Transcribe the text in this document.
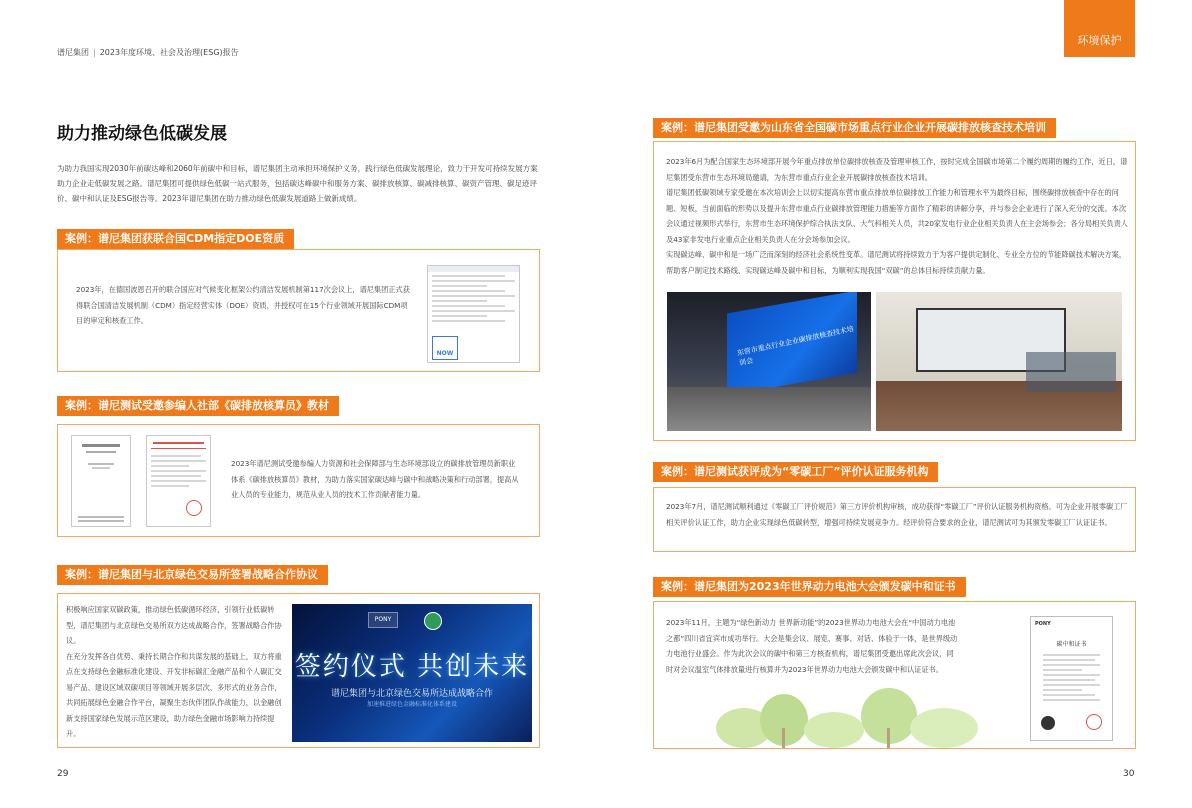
谱尼集团 | 2023年度环境、社会及治理(ESG)报告
环境保护
助力推动绿色低碳发展
为助力我国实现2030年前碳达峰和2060年前碳中和目标，谱尼集团主动承担环境保护义务，践行绿色低碳发展理论，致力于开发可持续发展方案助力企业走低碳发展之路。谱尼集团可提供绿色低碳一站式服务，包括碳达峰碳中和服务方案、碳排放核算、碳减排核算、碳资产管理、碳足迹评价、碳中和认证及ESG报告等。2023年谱尼集团在助力推动绿色低碳发展道路上做新成绩。
案例：谱尼集团获联合国CDM指定DOE资质
2023年，在德国波恩召开的联合国应对气候变化框架公约清洁发展机制第117次会议上，谱尼集团正式获得联合国清洁发展机制（CDM）指定经营实体（DOE）资质，并授权可在15个行业领域开展国际CDM项目的审定和核查工作。
NOW
案例：谱尼测试受邀参编人社部《碳排放核算员》教材
2023年谱尼测试受邀参编人力资源和社会保障部与生态环境部设立的碳排放管理员新职业体系《碳排放核算员》教材，为助力落实国家碳达峰与碳中和战略决策和行动部署，提高从业人员的专业能力，规范从业人员的技术工作贡献者能力量。
案例：谱尼集团与北京绿色交易所签署战略合作协议
积极响应国家双碳政策，推动绿色低碳循环经济，引领行业低碳转型，谱尼集团与北京绿色交易所双方达成战略合作，签署战略合作协议。
在充分发挥各自优势、秉持长期合作和共谋发展的基础上，双方将重点在支持绿色金融标准化建设、开发非标碳汇金融产品和个人碳汇交易产品、建设区域双碳项目等领域开展多层次、多形式的业务合作，共同拓展绿色金融合作平台，凝聚生态伙伴团队作战能力，以金融创新支持国家绿色发展示范区建设，助力绿色金融市场影响力持续提升。
PONY
签约仪式 共创未来
谱尼集团与北京绿色交易所达成战略合作
加速推进绿色金融标准化体系建设
29
案例：谱尼集团受邀为山东省全国碳市场重点行业企业开展碳排放核查技术培训
2023年6月为配合国家生态环境部开展今年重点排放单位碳排放核查及管理审核工作，按时完成全国碳市场第二个履约周期的履约工作，近日，谱尼集团受东营市生态环境局邀请，为东营市重点行业企业开展碳排放核查技术培训。
谱尼集团低碳领域专家受邀在本次培训会上以切实提高东营市重点排放单位碳排放工作能力和管理水平为最终目标，围绕碳排放核查中存在的问题、短板，当前面临的形势以及提升东营市重点行业碳排放管理能力措施等方面作了精彩的讲解分享，并与参会企业进行了深入充分的交流。本次会议通过视频形式举行，东营市生态环境保护综合执法支队、大气科相关人员，共20家发电行业企业相关负责人在主会场参会；各分局相关负责人及43家非发电行业重点企业相关负责人在分会场参加会议。
实现碳达峰、碳中和是一场广泛而深刻的经济社会系统性变革。谱尼测试将持续致力于为客户提供定制化、专业全方位的节能降碳技术解决方案，帮助客户制定技术路线、实现碳达峰及碳中和目标，为顺利实现我国“双碳”的总体目标持续贡献力量。
东营市重点行业企业碳排放核查技术培训会
案例：谱尼测试获评成为“零碳工厂”评价认证服务机构
2023年7月，谱尼测试顺利通过《零碳工厂评价规范》第三方评价机构审核，成功获得“零碳工厂”评价认证服务机构资格。可为企业开展零碳工厂相关评价认证工作，助力企业实现绿色低碳转型，增强可持续发展竞争力。经评价符合要求的企业，谱尼测试可为其颁发零碳工厂认证证书。
案例：谱尼集团为2023年世界动力电池大会颁发碳中和证书
2023年11月，主题为“绿色新动力 世界新动能”的2023世界动力电池大会在“中国动力电池之都”四川省宜宾市成功举行。大会是集会议、展览、赛事、对话、体验于一体，是世界级动力电池行业盛会。作为此次会议的碳中和第三方核查机构，谱尼集团受邀出席此次会议，同时对会议温室气体排放量进行核算并为2023年世界动力电池大会颁发碳中和认证证书。
PONY
碳中和证书
30
